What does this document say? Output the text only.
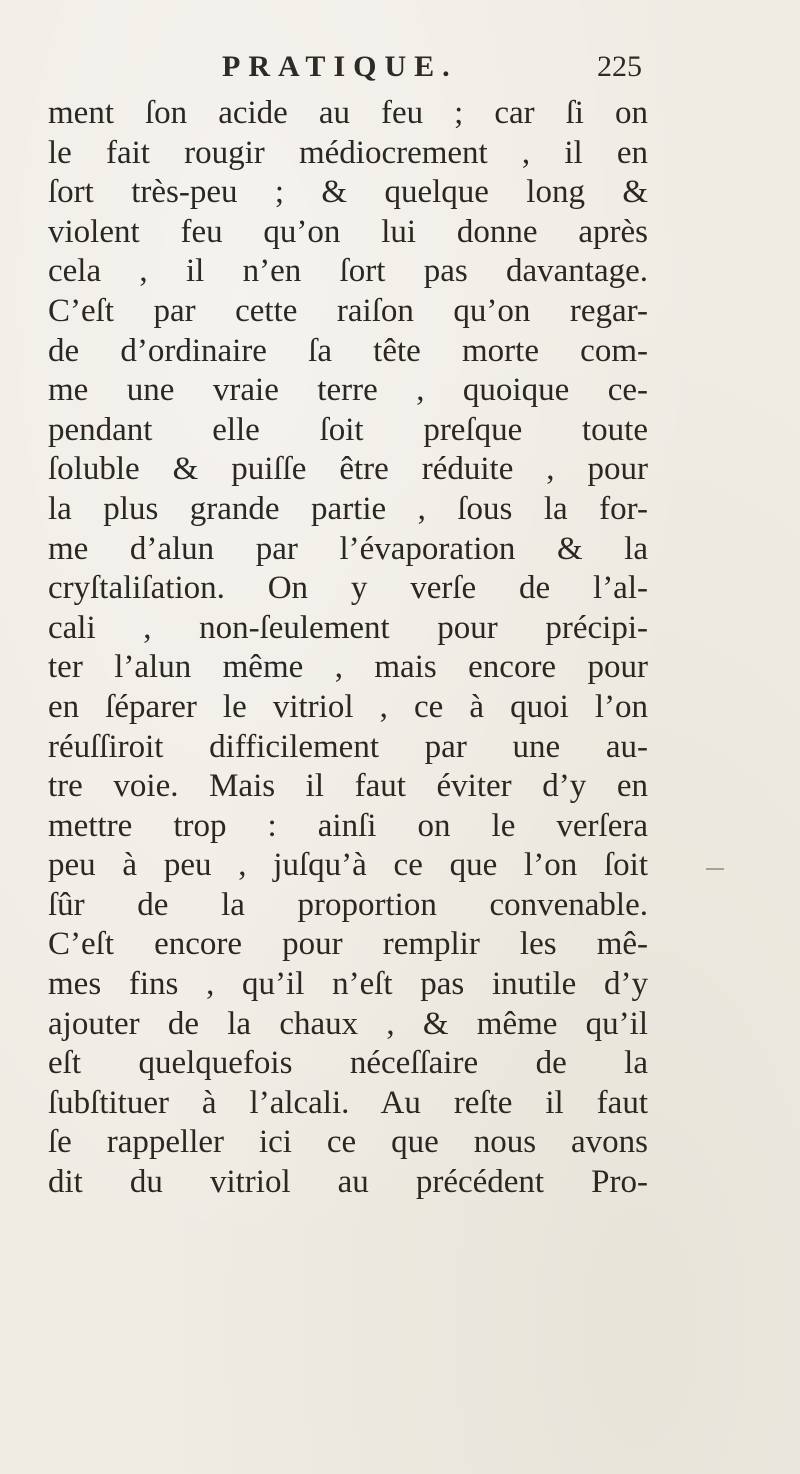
PRATIQUE.	225
ment ſon acide au feu ; car ſi on
le fait rougir médiocrement , il en
ſort très-peu ; & quelque long &
violent feu qu’on lui donne après
cela , il n’en ſort pas davantage.
C’eſt par cette raiſon qu’on regar-
de d’ordinaire ſa tête morte com-
me une vraie terre , quoique ce-
pendant elle ſoit preſque toute
ſoluble & puiſſe être réduite , pour
la plus grande partie , ſous la for-
me d’alun par l’évaporation & la
cryſtaliſation. On y verſe de l’al-
cali , non-ſeulement pour précipi-
ter l’alun même , mais encore pour
en ſéparer le vitriol , ce à quoi l’on
réuſſiroit difficilement par une au-
tre voie. Mais il faut éviter d’y en
mettre trop : ainſi on le verſera
peu à peu , juſqu’à ce que l’on ſoit
ſûr de la proportion convenable.
C’eſt encore pour remplir les mê-
mes fins , qu’il n’eſt pas inutile d’y
ajouter de la chaux , & même qu’il
eſt quelquefois néceſſaire de la
ſubſtituer à l’alcali. Au reſte il faut
ſe rappeller ici ce que nous avons
dit du vitriol au précédent Pro-
